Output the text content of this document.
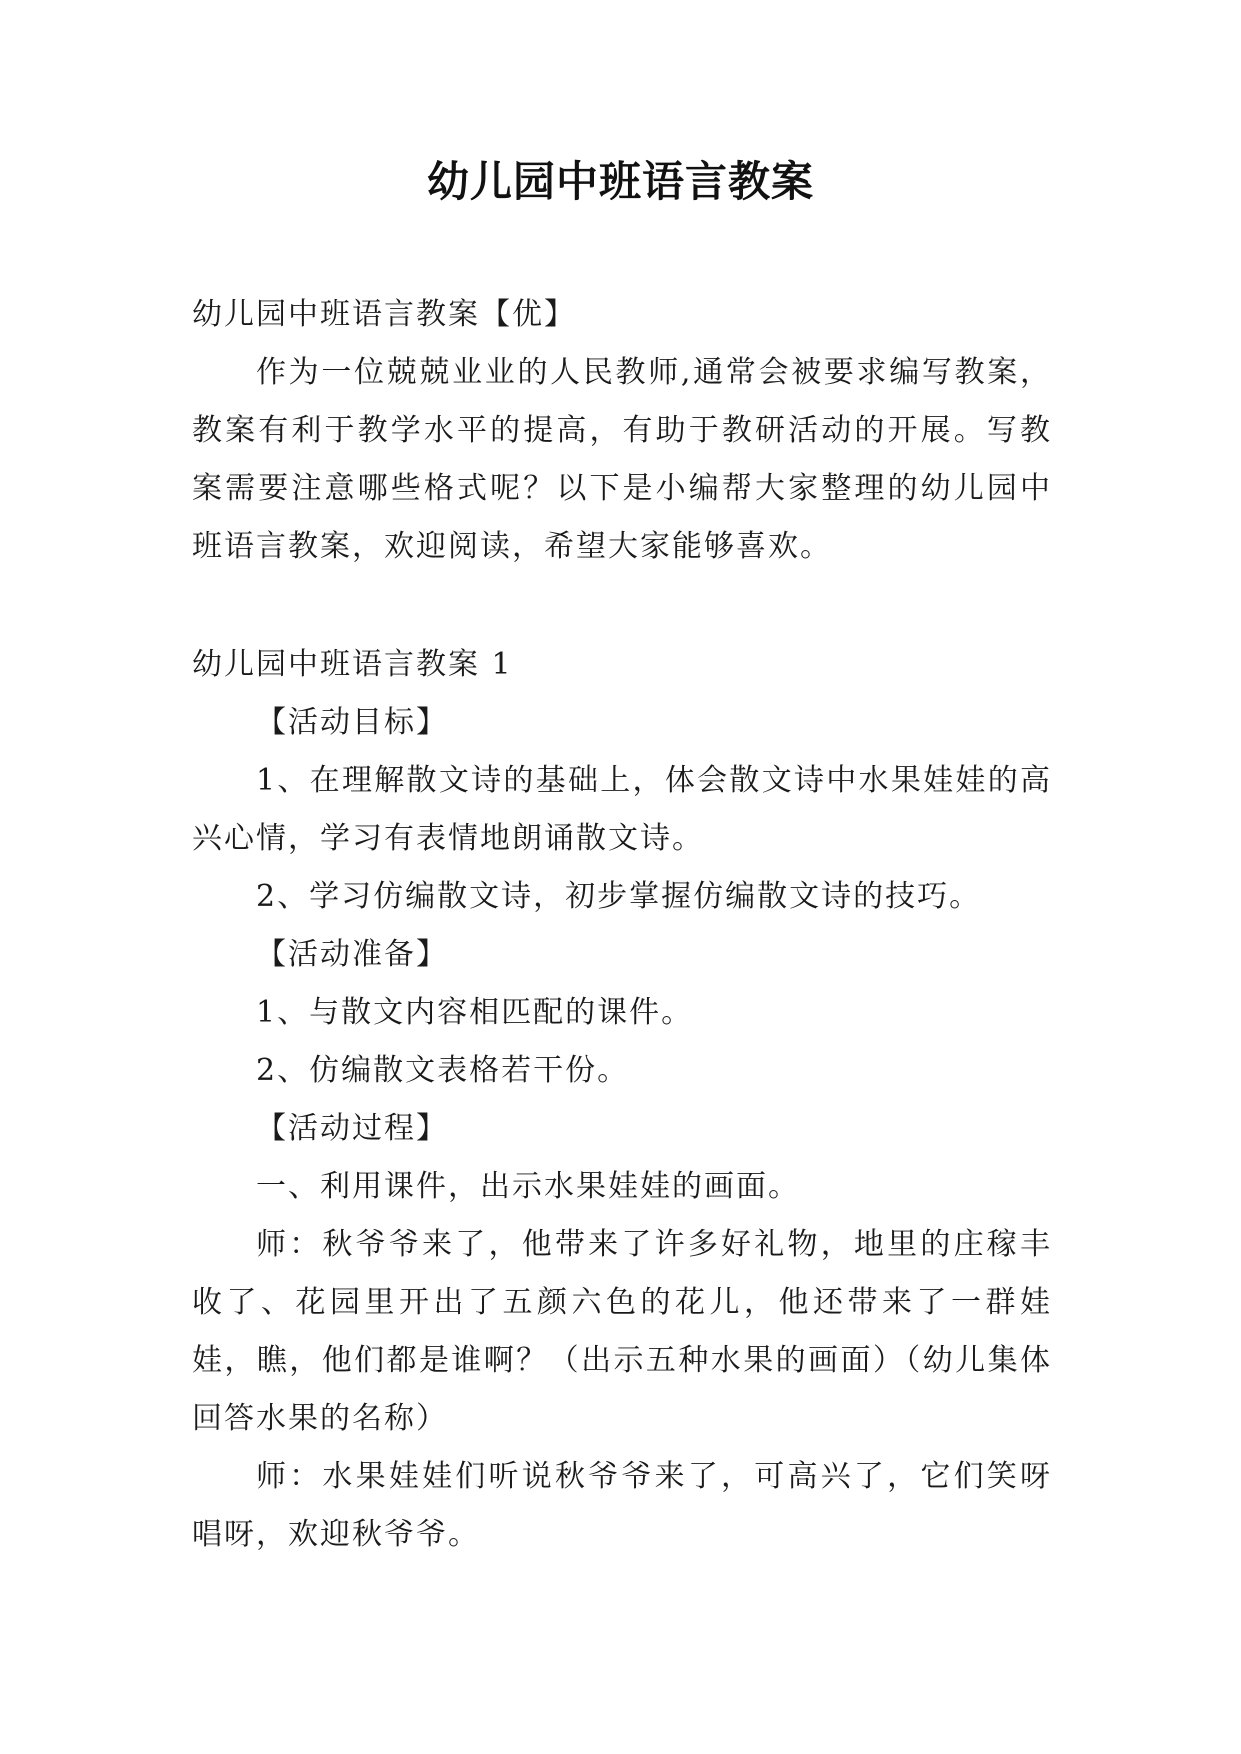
幼儿园中班语言教案

幼儿园中班语言教案【优】

作为一位兢兢业业的人民教师,通常会被要求编写教案，教案有利于教学水平的提高，有助于教研活动的开展。写教案需要注意哪些格式呢？以下是小编帮大家整理的幼儿园中班语言教案，欢迎阅读，希望大家能够喜欢。

幼儿园中班语言教案 1

【活动目标】

1、在理解散文诗的基础上，体会散文诗中水果娃娃的高兴心情，学习有表情地朗诵散文诗。

2、学习仿编散文诗，初步掌握仿编散文诗的技巧。

【活动准备】

1、与散文内容相匹配的课件。

2、仿编散文表格若干份。

【活动过程】

一、利用课件，出示水果娃娃的画面。

师：秋爷爷来了，他带来了许多好礼物，地里的庄稼丰收了、花园里开出了五颜六色的花儿，他还带来了一群娃娃，瞧，他们都是谁啊？（出示五种水果的画面）（幼儿集体回答水果的名称）

师：水果娃娃们听说秋爷爷来了，可高兴了，它们笑呀唱呀，欢迎秋爷爷。
